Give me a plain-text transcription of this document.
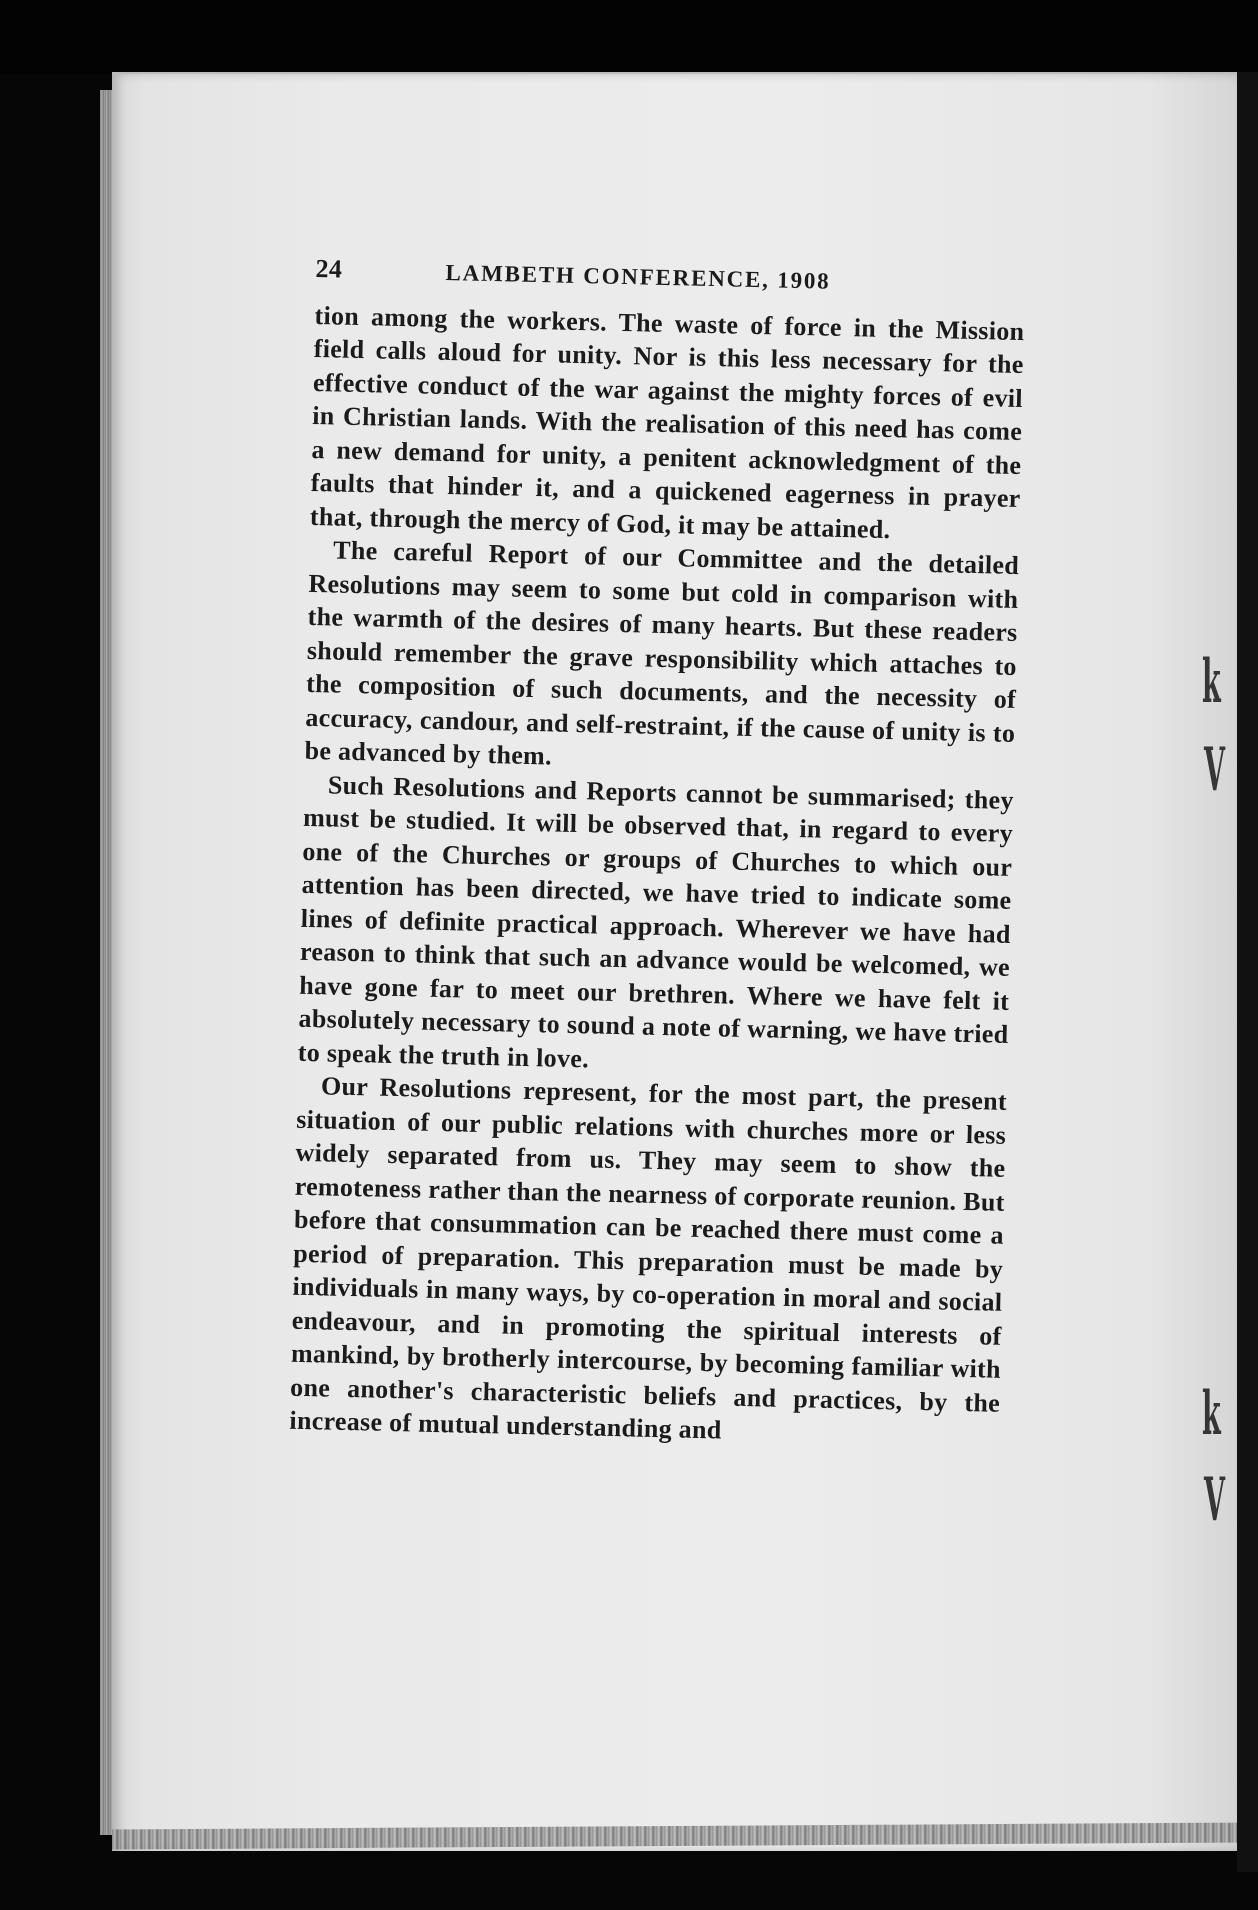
k
V
k
V
24	LAMBETH CONFERENCE, 1908

tion among the workers. The waste of force in the Mission field calls aloud for unity. Nor is this less necessary for the effective conduct of the war against the mighty forces of evil in Christian lands. With the realisation of this need has come a new demand for unity, a penitent acknowledgment of the faults that hinder it, and a quickened eagerness in prayer that, through the mercy of God, it may be attained.

The careful Report of our Committee and the detailed Resolutions may seem to some but cold in comparison with the warmth of the desires of many hearts. But these readers should remember the grave responsibility which attaches to the composition of such documents, and the necessity of accuracy, candour, and self-restraint, if the cause of unity is to be advanced by them.

Such Resolutions and Reports cannot be summarised; they must be studied. It will be observed that, in regard to every one of the Churches or groups of Churches to which our attention has been directed, we have tried to indicate some lines of definite practical approach. Wherever we have had reason to think that such an advance would be welcomed, we have gone far to meet our brethren. Where we have felt it absolutely necessary to sound a note of warning, we have tried to speak the truth in love.

Our Resolutions represent, for the most part, the present situation of our public relations with churches more or less widely separated from us. They may seem to show the remoteness rather than the nearness of corporate reunion. But before that consummation can be reached there must come a period of preparation. This preparation must be made by individuals in many ways, by co-operation in moral and social endeavour, and in promoting the spiritual interests of mankind, by brotherly intercourse, by becoming familiar with one another's characteristic beliefs and practices, by the increase of mutual understanding and
